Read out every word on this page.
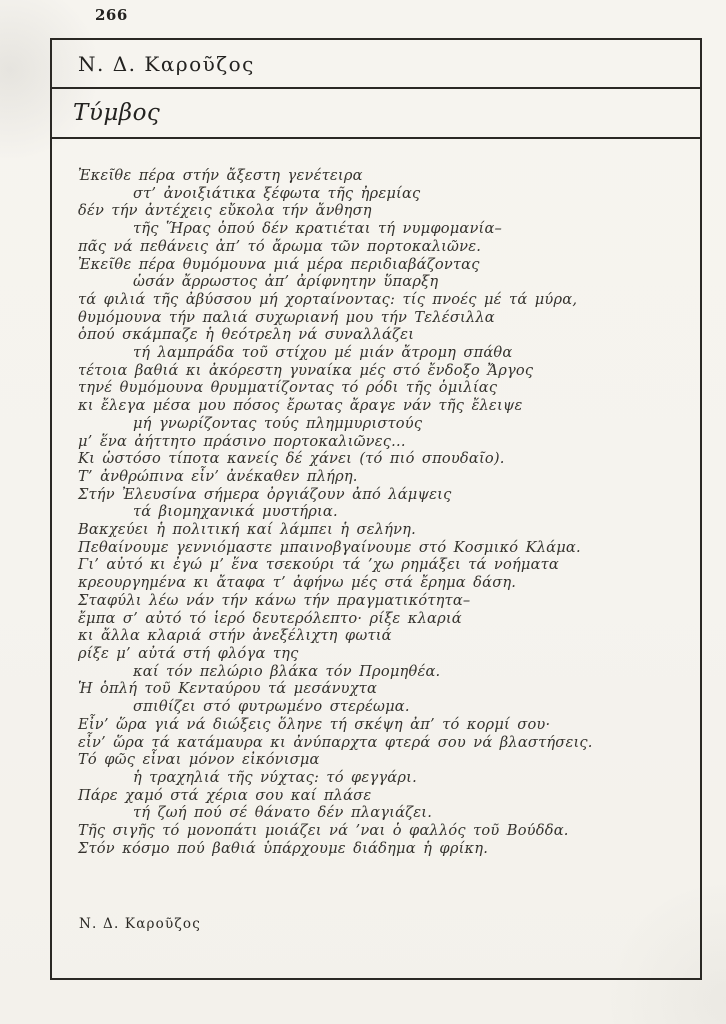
266
Ν. Δ. Καροῦζος
Τύμβος
Ἐκεῖθε πέρα στήν ἄξεστη γενέτειρα
στ’ ἀνοιξιάτικα ξέφωτα τῆς ἠρεμίας
δέν τήν ἀντέχεις εὔκολα τήν ἄνθηση
τῆς Ἥρας ὁπού δέν κρατιέται τή νυμφομανία–
πᾶς νά πεθάνεις ἀπ’ τό ἄρωμα τῶν πορτοκαλιῶνε.
Ἐκεῖθε πέρα θυμόμουνα μιά μέρα περιδιαβάζοντας
ὡσάν ἄρρωστος ἀπ’ ἀρίφνητην ὕπαρξη
τά φιλιά τῆς ἀβύσσου μή χορταίνοντας: τίς πνοές μέ τά μύρα,
θυμόμουνα τήν παλιά συχωριανή μου τήν Τελέσιλλα
ὁπού σκάμπαζε ἡ θεότρελη νά συναλλάζει
τή λαμπράδα τοῦ στίχου μέ μιάν ἄτρομη σπάθα
τέτοια βαθιά κι ἀκόρεστη γυναίκα μές στό ἔνδοξο Ἄργος
τηνέ θυμόμουνα θρυμματίζοντας τό ρόδι τῆς ὁμιλίας
κι ἔλεγα μέσα μου πόσος ἔρωτας ἄραγε νάν τῆς ἔλειψε
μή γνωρίζοντας τούς πλημμυριστούς
μ’ ἕνα ἀήττητο πράσινο πορτοκαλιῶνες...
Κι ὡστόσο τίποτα κανείς δέ χάνει (τό πιό σπουδαῖο).
Τ’ ἀνθρώπινα εἶν’ ἀνέκαθεν πλήρη.
Στήν Ἐλευσίνα σήμερα ὀργιάζουν ἀπό λάμψεις
τά βιομηχανικά μυστήρια.
Βακχεύει ἡ πολιτική καί λάμπει ἡ σελήνη.
Πεθαίνουμε γεννιόμαστε μπαινοβγαίνουμε στό Κοσμικό Κλάμα.
Γι’ αὐτό κι ἐγώ μ’ ἕνα τσεκούρι τά ’χω ρημάξει τά νοήματα
κρεουργημένα κι ἄταφα τ’ ἀφήνω μές στά ἔρημα δάση.
Σταφύλι λέω νάν τήν κάνω τήν πραγματικότητα–
ἔμπα σ’ αὐτό τό ἱερό δευτερόλεπτο· ρίξε κλαριά
κι ἄλλα κλαριά στήν ἀνεξέλιχτη φωτιά
ρίξε μ’ αὐτά στή φλόγα της
καί τόν πελώριο βλάκα τόν Προμηθέα.
Ἡ ὁπλή τοῦ Κενταύρου τά μεσάνυχτα
σπιθίζει στό φυτρωμένο στερέωμα.
Εἶν’ ὥρα γιά νά διώξεις ὅληνε τή σκέψη ἀπ’ τό κορμί σου·
εἶν’ ὥρα τά κατάμαυρα κι ἀνύπαρχτα φτερά σου νά βλαστήσεις.
Τό φῶς εἶναι μόνον εἰκόνισμα
ἡ τραχηλιά τῆς νύχτας: τό φεγγάρι.
Πάρε χαμό στά χέρια σου καί πλάσε
τή ζωή πού σέ θάνατο δέν πλαγιάζει.
Τῆς σιγῆς τό μονοπάτι μοιάζει νά ’ναι ὁ φαλλός τοῦ Βούδδα.
Στόν κόσμο πού βαθιά ὑπάρχουμε διάδημα ἡ φρίκη.
Ν. Δ. Καροῦζος
